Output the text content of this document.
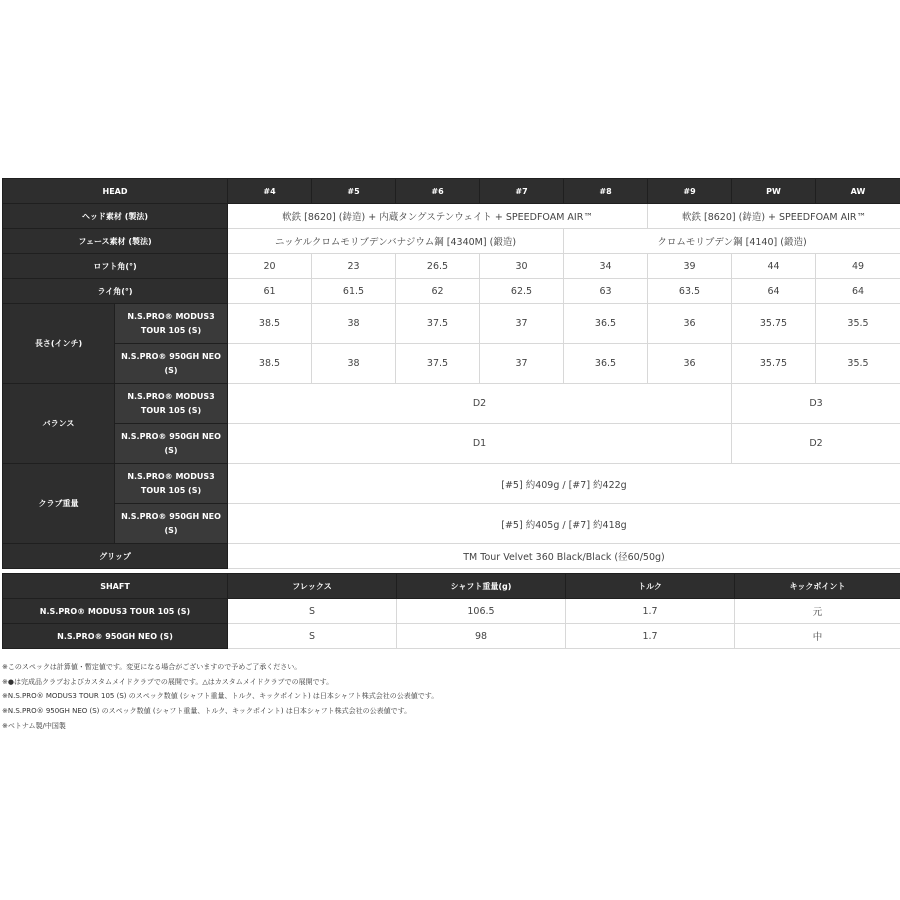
HEAD		#4	#5	#6	#7	#8	#9	PW	AW
ヘッド素材 (製法)		軟鉄 [8620] (鋳造) + 内蔵タングステンウェイト + SPEEDFOAM AIR™					軟鉄 [8620] (鋳造) + SPEEDFOAM AIR™		
フェース素材 (製法)		ニッケルクロムモリブデンバナジウム鋼 [4340M] (鍛造)				クロムモリブデン鋼 [4140] (鍛造)			
ロフト角(°)		20	23	26.5	30	34	39	44	49
ライ角(°)		61	61.5	62	62.5	63	63.5	64	64
長さ(インチ)	N.S.PRO® MODUS3 TOUR 105 (S)	38.5	38	37.5	37	36.5	36	35.75	35.5
	N.S.PRO® 950GH NEO (S)	38.5	38	37.5	37	36.5	36	35.75	35.5
バランス	N.S.PRO® MODUS3 TOUR 105 (S)	D2						D3	
	N.S.PRO® 950GH NEO (S)	D1						D2	
クラブ重量	N.S.PRO® MODUS3 TOUR 105 (S)	[#5] 約409g / [#7] 約422g							
	N.S.PRO® 950GH NEO (S)	[#5] 約405g / [#7] 約418g							
グリップ		TM Tour Velvet 360 Black/Black (径60/50g)							
SHAFT	フレックス	シャフト重量(g)	トルク	キックポイント
N.S.PRO® MODUS3 TOUR 105 (S)	S	106.5	1.7	元
N.S.PRO® 950GH NEO (S)	S	98	1.7	中
※このスペックは計算値・暫定値です。変更になる場合がございますので予めご了承ください。
※●は完成品クラブおよびカスタムメイドクラブでの展開です。△はカスタムメイドクラブでの展開です。
※N.S.PRO® MODUS3 TOUR 105 (S) のスペック数値 (シャフト重量、トルク、キックポイント) は日本シャフト株式会社の公表値です。
※N.S.PRO® 950GH NEO (S) のスペック数値 (シャフト重量、トルク、キックポイント) は日本シャフト株式会社の公表値です。
※ベトナム製/中国製
